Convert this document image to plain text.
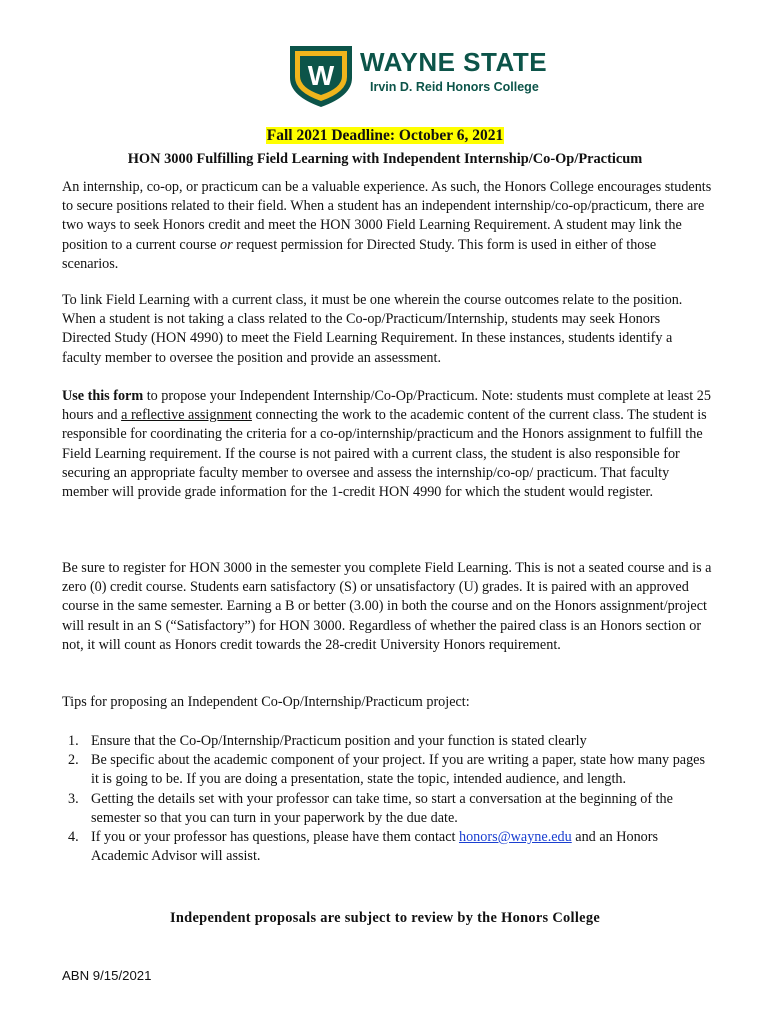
W WAYNE STATE
Irvin D. Reid Honors College
Fall 2021 Deadline: October 6, 2021
HON 3000 Fulfilling Field Learning with Independent Internship/Co-Op/Practicum
An internship, co-op, or practicum can be a valuable experience. As such, the Honors College encourages students to secure positions related to their field. When a student has an independent internship/co-op/practicum, there are two ways to seek Honors credit and meet the HON 3000 Field Learning Requirement. A student may link the position to a current course or request permission for Directed Study. This form is used in either of those scenarios.
To link Field Learning with a current class, it must be one wherein the course outcomes relate to the position. When a student is not taking a class related to the Co-op/Practicum/Internship, students may seek Honors Directed Study (HON 4990) to meet the Field Learning Requirement. In these instances, students identify a faculty member to oversee the position and provide an assessment.
Use this form to propose your Independent Internship/Co-Op/Practicum. Note: students must complete at least 25 hours and a reflective assignment connecting the work to the academic content of the current class. The student is responsible for coordinating the criteria for a co-op/internship/practicum and the Honors assignment to fulfill the Field Learning requirement. If the course is not paired with a current class, the student is also responsible for securing an appropriate faculty member to oversee and assess the internship/co-op/ practicum. That faculty member will provide grade information for the 1-credit HON 4990 for which the student would register.
Be sure to register for HON 3000 in the semester you complete Field Learning. This is not a seated course and is a zero (0) credit course. Students earn satisfactory (S) or unsatisfactory (U) grades. It is paired with an approved course in the same semester. Earning a B or better (3.00) in both the course and on the Honors assignment/project will result in an S (“Satisfactory”) for HON 3000. Regardless of whether the paired class is an Honors section or not, it will count as Honors credit towards the 28-credit University Honors requirement.
Tips for proposing an Independent Co-Op/Internship/Practicum project:
1. Ensure that the Co-Op/Internship/Practicum position and your function is stated clearly
2. Be specific about the academic component of your project. If you are writing a paper, state how many pages it is going to be. If you are doing a presentation, state the topic, intended audience, and length.
3. Getting the details set with your professor can take time, so start a conversation at the beginning of the semester so that you can turn in your paperwork by the due date.
4. If you or your professor has questions, please have them contact honors@wayne.edu and an Honors Academic Advisor will assist.
Independent proposals are subject to review by the Honors College
ABN 9/15/2021
